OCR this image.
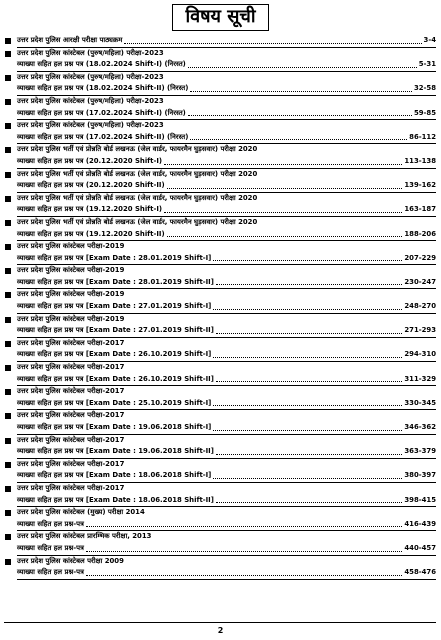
विषय सूची
उत्तर प्रदेश पुलिस आरक्षी परीक्षा पाठ्यक्रम	3-4
उत्तर प्रदेश पुलिस कांस्टेबल (पुरुष/महिला) परीक्षा-2023
व्याख्या सहित हल प्रश्न पत्र (18.02.2024 Shift-I) (निरस्त)	5-31
उत्तर प्रदेश पुलिस कांस्टेबल (पुरुष/महिला) परीक्षा-2023
व्याख्या सहित हल प्रश्न पत्र (18.02.2024 Shift-II) (निरस्त)	32-58
उत्तर प्रदेश पुलिस कांस्टेबल (पुरुष/महिला) परीक्षा-2023
व्याख्या सहित हल प्रश्न पत्र (17.02.2024 Shift-I) (निरस्त)	59-85
उत्तर प्रदेश पुलिस कांस्टेबल (पुरुष/महिला) परीक्षा-2023
व्याख्या सहित हल प्रश्न पत्र (17.02.2024 Shift-II) (निरस्त)	86-112
उत्तर प्रदेश पुलिस भर्ती एवं प्रोन्नति बोर्ड लखनऊ (जेल वार्डर, फायरमैन घुड़सवार) परीक्षा 2020
व्याख्या सहित हल प्रश्न पत्र (20.12.2020 Shift-I)	113-138
उत्तर प्रदेश पुलिस भर्ती एवं प्रोन्नति बोर्ड लखनऊ (जेल वार्डर, फायरमैन घुड़सवार) परीक्षा 2020
व्याख्या सहित हल प्रश्न पत्र (20.12.2020 Shift-II)	139-162
उत्तर प्रदेश पुलिस भर्ती एवं प्रोन्नति बोर्ड लखनऊ (जेल वार्डर, फायरमैन घुड़सवार) परीक्षा 2020
व्याख्या सहित हल प्रश्न पत्र (19.12.2020 Shift-I)	163-187
उत्तर प्रदेश पुलिस भर्ती एवं प्रोन्नति बोर्ड लखनऊ (जेल वार्डर, फायरमैन घुड़सवार) परीक्षा 2020
व्याख्या सहित हल प्रश्न पत्र (19.12.2020 Shift-II)	188-206
उत्तर प्रदेश पुलिस कांस्टेबल परीक्षा-2019
व्याख्या सहित हल प्रश्न पत्र [Exam Date : 28.01.2019 Shift-I]	207-229
उत्तर प्रदेश पुलिस कांस्टेबल परीक्षा-2019
व्याख्या सहित हल प्रश्न पत्र [Exam Date : 28.01.2019 Shift-II]	230-247
उत्तर प्रदेश पुलिस कांस्टेबल परीक्षा-2019
व्याख्या सहित हल प्रश्न पत्र [Exam Date : 27.01.2019 Shift-I]	248-270
उत्तर प्रदेश पुलिस कांस्टेबल परीक्षा-2019
व्याख्या सहित हल प्रश्न पत्र [Exam Date : 27.01.2019 Shift-II]	271-293
उत्तर प्रदेश पुलिस कांस्टेबल परीक्षा-2017
व्याख्या सहित हल प्रश्न पत्र [Exam Date : 26.10.2019 Shift-I]	294-310
उत्तर प्रदेश पुलिस कांस्टेबल परीक्षा-2017
व्याख्या सहित हल प्रश्न पत्र [Exam Date : 26.10.2019 Shift-II]	311-329
उत्तर प्रदेश पुलिस कांस्टेबल परीक्षा-2017
व्याख्या सहित हल प्रश्न पत्र [Exam Date : 25.10.2019 Shift-I]	330-345
उत्तर प्रदेश पुलिस कांस्टेबल परीक्षा-2017
व्याख्या सहित हल प्रश्न पत्र [Exam Date : 19.06.2018 Shift-I]	346-362
उत्तर प्रदेश पुलिस कांस्टेबल परीक्षा-2017
व्याख्या सहित हल प्रश्न पत्र [Exam Date : 19.06.2018 Shift-II]	363-379
उत्तर प्रदेश पुलिस कांस्टेबल परीक्षा-2017
व्याख्या सहित हल प्रश्न पत्र [Exam Date : 18.06.2018 Shift-I]	380-397
उत्तर प्रदेश पुलिस कांस्टेबल परीक्षा-2017
व्याख्या सहित हल प्रश्न पत्र [Exam Date : 18.06.2018 Shift-II]	398-415
उत्तर प्रदेश पुलिस कांस्टेबल (मुख्य) परीक्षा 2014
व्याख्या सहित हल प्रश्न-पत्र	416-439
उत्तर प्रदेश पुलिस कांस्टेबल प्रारम्भिक परीक्षा, 2013
व्याख्या सहित हल प्रश्न-पत्र	440-457
उत्तर प्रदेश पुलिस कांस्टेबल परीक्षा 2009
व्याख्या सहित हल प्रश्न-पत्र	458-476
2
